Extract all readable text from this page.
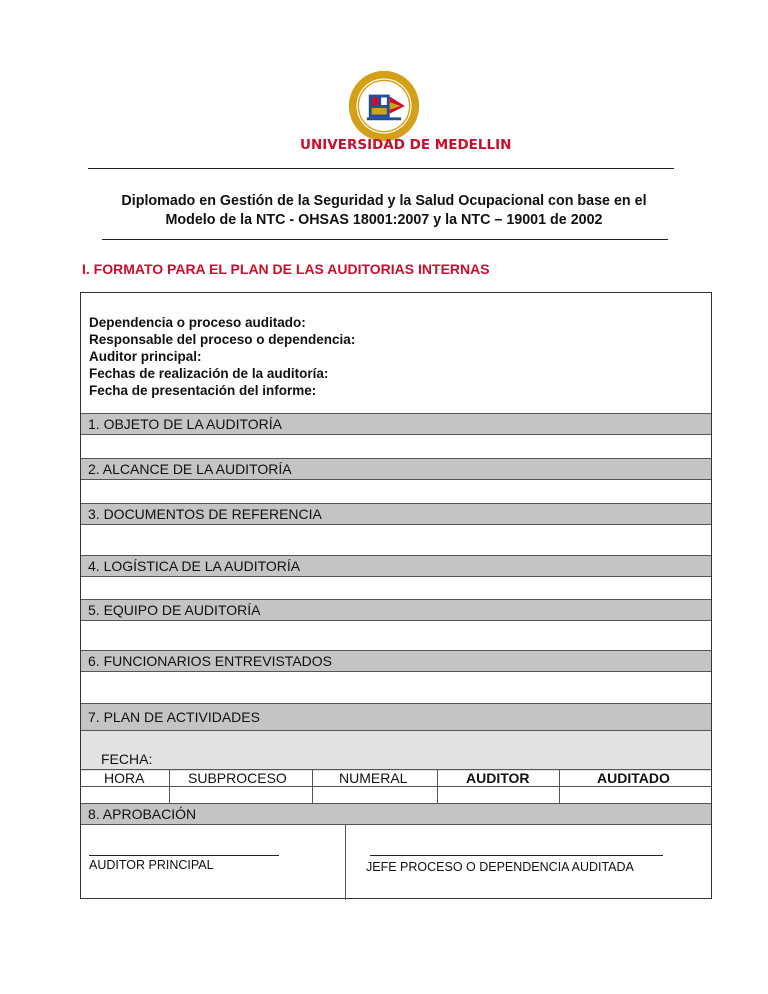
UNIVERSIDAD DE MEDELLIN
Diplomado en Gestión de la Seguridad y la Salud Ocupacional con base en el
Modelo de la NTC - OHSAS 18001:2007 y la NTC – 19001 de 2002
I. FORMATO PARA EL PLAN DE LAS AUDITORIAS INTERNAS
Dependencia o proceso auditado:
Responsable del proceso o dependencia:
Auditor principal:
Fechas de realización de la auditoría:
Fecha de presentación del informe:
1. OBJETO DE LA AUDITORÍA
2. ALCANCE DE LA AUDITORÍA
3. DOCUMENTOS DE REFERENCIA
4. LOGÍSTICA DE LA AUDITORÍA
5. EQUIPO DE AUDITORÍA
6. FUNCIONARIOS ENTREVISTADOS
7. PLAN DE ACTIVIDADES
FECHA:
HORA	SUBPROCESO	NUMERAL	AUDITOR	AUDITADO
8. APROBACIÓN
AUDITOR PRINCIPAL	JEFE PROCESO O DEPENDENCIA AUDITADA
